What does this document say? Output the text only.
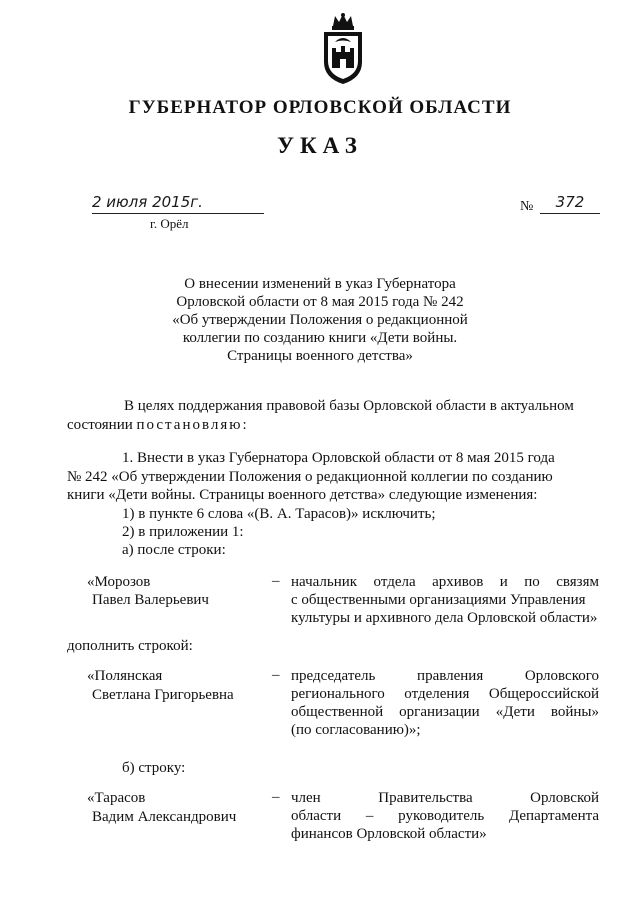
ГУБЕРНАТОР ОРЛОВСКОЙ ОБЛАСТИ
УКАЗ
2 июля 2015г.
г. Орёл
№	372
О внесении изменений в указ Губернатора
Орловской области от 8 мая 2015 года № 242
«Об утверждении Положения о редакционной
коллегии по созданию книги «Дети войны.
Страницы военного детства»
В целях поддержания правовой базы Орловской области в актуальном
состоянии постановляю:
1. Внести в указ Губернатора Орловской области от 8 мая 2015 года
№ 242 «Об утверждении Положения о редакционной коллегии по созданию
книги «Дети войны. Страницы военного детства» следующие изменения:
1) в пункте 6 слова «(В. А. Тарасов)» исключить;
2) в приложении 1:
а) после строки:
«Морозов
Павел Валерьевич
– начальник отдела архивов и по связям
с общественными организациями Управления
культуры и архивного дела Орловской области»
дополнить строкой:
«Полянская
Светлана Григорьевна
– председатель правления Орловского
регионального отделения Общероссийской
общественной организации «Дети войны»
(по согласованию)»;
б) строку:
«Тарасов
Вадим Александрович
– член Правительства Орловской
области – руководитель Департамента
финансов Орловской области»
